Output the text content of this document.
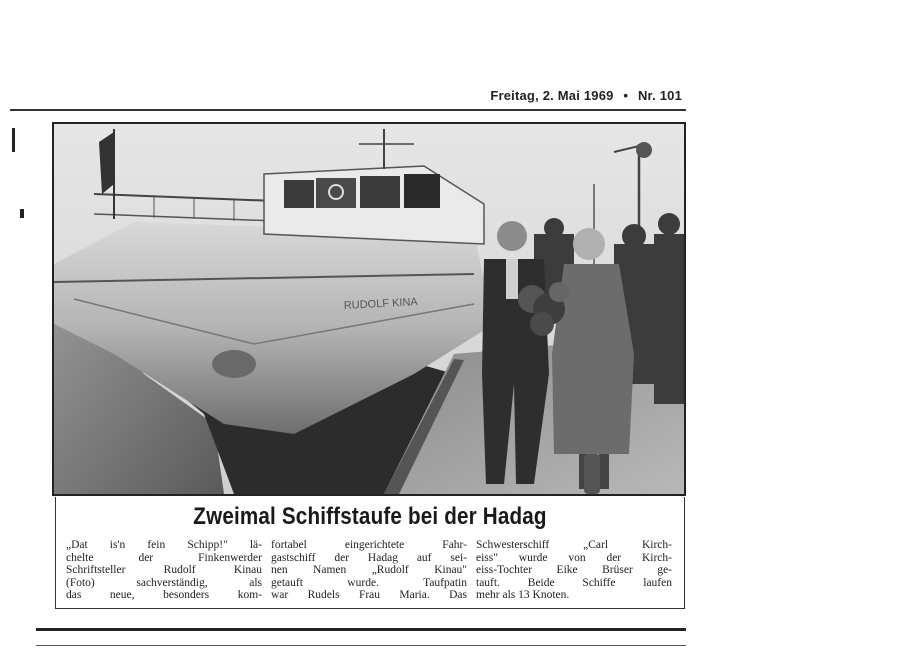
Freitag, 2. Mai 1969 • Nr. 101
RUDOLF KINA
Zweimal Schiffstaufe bei der Hadag
„Dat is'n fein Schipp!" lä-
chelte der Finkenwerder
Schriftsteller Rudolf Kinau
(Foto) sachverständig, als
das neue, besonders kom-
fortabel eingerichtete Fahr-
gastschiff der Hadag auf sei-
nen Namen „Rudolf Kinau"
getauft wurde. Taufpatin
war Rudels Frau Maria. Das
Schwesterschiff „Carl Kirch-
eiss" wurde von der Kirch-
eiss-Tochter Eike Brüser ge-
tauft. Beide Schiffe laufen
mehr als 13 Knoten.
